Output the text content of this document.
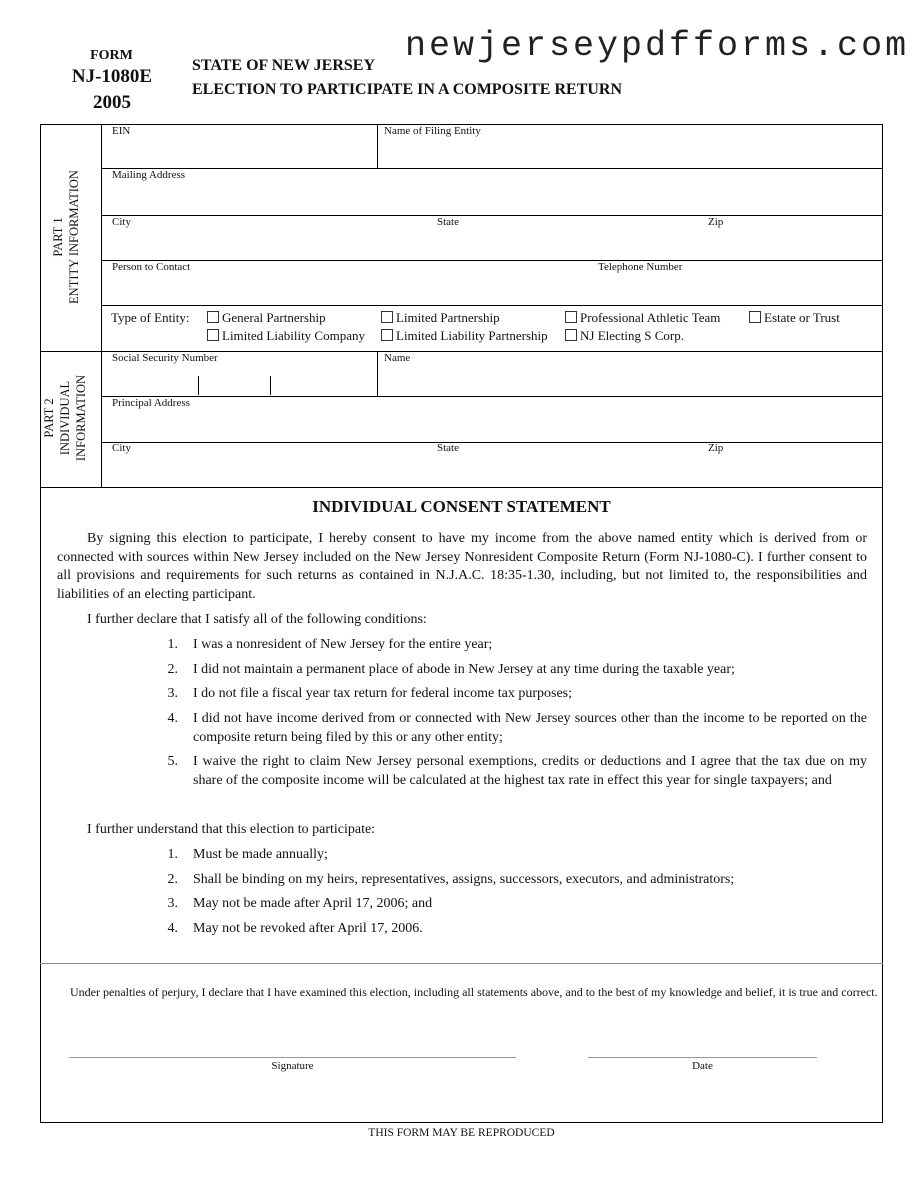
newjerseypdfforms.com
FORM
NJ-1080E
2005
STATE OF NEW JERSEY
ELECTION TO PARTICIPATE IN A COMPOSITE RETURN
PART 1 ENTITY INFORMATION
EIN	Name of Filing Entity
Mailing Address
City	State	Zip
Person to Contact	Telephone Number
Type of Entity:	General Partnership	Limited Partnership	Professional Athletic Team	Estate or Trust
Limited Liability Company	Limited Liability Partnership	NJ Electing S Corp.
PART 2 INDIVIDUAL INFORMATION
Social Security Number	Name
Principal Address
City	State	Zip
INDIVIDUAL CONSENT STATEMENT
By signing this election to participate, I hereby consent to have my income from the above named entity which is derived from or connected with sources within New Jersey included on the New Jersey Nonresident Composite Return (Form NJ-1080-C). I further consent to all provisions and requirements for such returns as contained in N.J.A.C. 18:35-1.30, including, but not limited to, the responsibilities and liabilities of an electing participant.
I further declare that I satisfy all of the following conditions:
1. I was a nonresident of New Jersey for the entire year;
2. I did not maintain a permanent place of abode in New Jersey at any time during the taxable year;
3. I do not file a fiscal year tax return for federal income tax purposes;
4. I did not have income derived from or connected with New Jersey sources other than the income to be reported on the composite return being filed by this or any other entity;
5. I waive the right to claim New Jersey personal exemptions, credits or deductions and I agree that the tax due on my share of the composite income will be calculated at the highest tax rate in effect this year for single taxpayers; and
I further understand that this election to participate:
1. Must be made annually;
2. Shall be binding on my heirs, representatives, assigns, successors, executors, and administrators;
3. May not be made after April 17, 2006; and
4. May not be revoked after April 17, 2006.
Under penalties of perjury, I declare that I have examined this election, including all statements above, and to the best of my knowledge and belief, it is true and correct.
Signature	Date
THIS FORM MAY BE REPRODUCED
